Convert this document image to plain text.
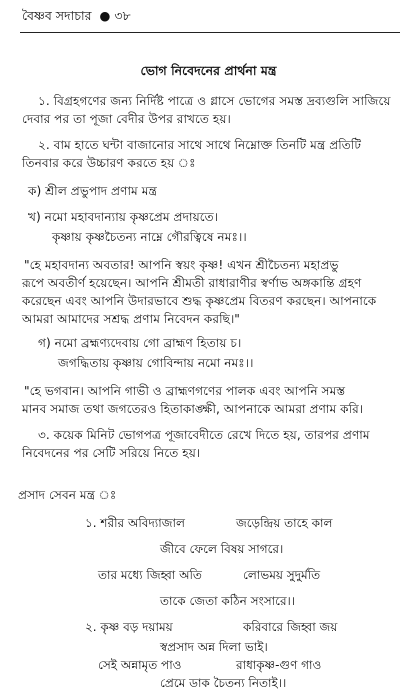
বৈষ্ণব সদাচার ● ৩৮
ভোগ নিবেদনের প্রার্থনা মন্ত্র
১. বিগ্রহগণের জন্য নির্দিষ্ট পাত্রে ও গ্লাসে ভোগের সমস্ত দ্রব্যগুলি সাজিয়ে
দেবার পর তা পূজা বেদীর উপর রাখতে হয়।
২. বাম হাতে ঘন্টা বাজানোর সাথে সাথে নিম্নোক্ত তিনটি মন্ত্র প্রতিটি
তিনবার করে উচ্চারণ করতে হয় ঃ
ক) শ্রীল প্রভুপাদ প্রণাম মন্ত্র
খ) নমো মহাবদান্যায় কৃষ্ণপ্রেম প্রদায়তে।
কৃষ্ণায় কৃষ্ণচৈতন্য নাম্নে গৌরত্বিষে নমঃ।।
"হে মহাবদান্য অবতার! আপনি স্বয়ং কৃষ্ণ! এখন শ্রীচৈতন্য মহাপ্রভু
রূপে অবতীর্ণ হয়েছেন। আপনি শ্রীমতী রাধারাণীর স্বর্ণাভ অঙ্গকান্তি গ্রহণ
করেছেন এবং আপনি উদারভাবে শুদ্ধ কৃষ্ণপ্রেম বিতরণ করছেন। আপনাকে
আমরা আমাদের সশ্রদ্ধ প্রণাম নিবেদন করছি।"
গ) নমো ব্রহ্মণ্যদেবায় গো ব্রাহ্মণ হিতায় চ।
জগদ্ধিতায় কৃষ্ণায় গোবিন্দায় নমো নমঃ।।
"হে ভগবান। আপনি গাভী ও ব্রাহ্মণগণের পালক এবং আপনি সমস্ত
মানব সমাজ তথা জগতেরও হিতাকাঙ্ক্ষী, আপনাকে আমরা প্রণাম করি।
৩. কয়েক মিনিট ভোগপত্র পূজাবেদীতে রেখে দিতে হয়, তারপর প্রণাম
নিবেদনের পর সেটি সরিয়ে নিতে হয়।
প্রসাদ সেবন মন্ত্র ঃ
১. শরীর অবিদ্যাজাল	জড়েন্দ্রিয় তাহে কাল
জীবে ফেলে বিষয় সাগরে।
তার মধ্যে জিহ্বা অতি	লোভময় সুদুর্মতি
তাকে জেতা কঠিন সংসারে।।
২. কৃষ্ণ বড় দয়াময়	করিবারে জিহ্বা জয়
স্বপ্রসাদ অন্ন দিলা ভাই।
সেই অন্নামৃত পাও	রাধাকৃষ্ণ-গুণ গাও
প্রেমে ডাক চৈতন্য নিতাই।।
